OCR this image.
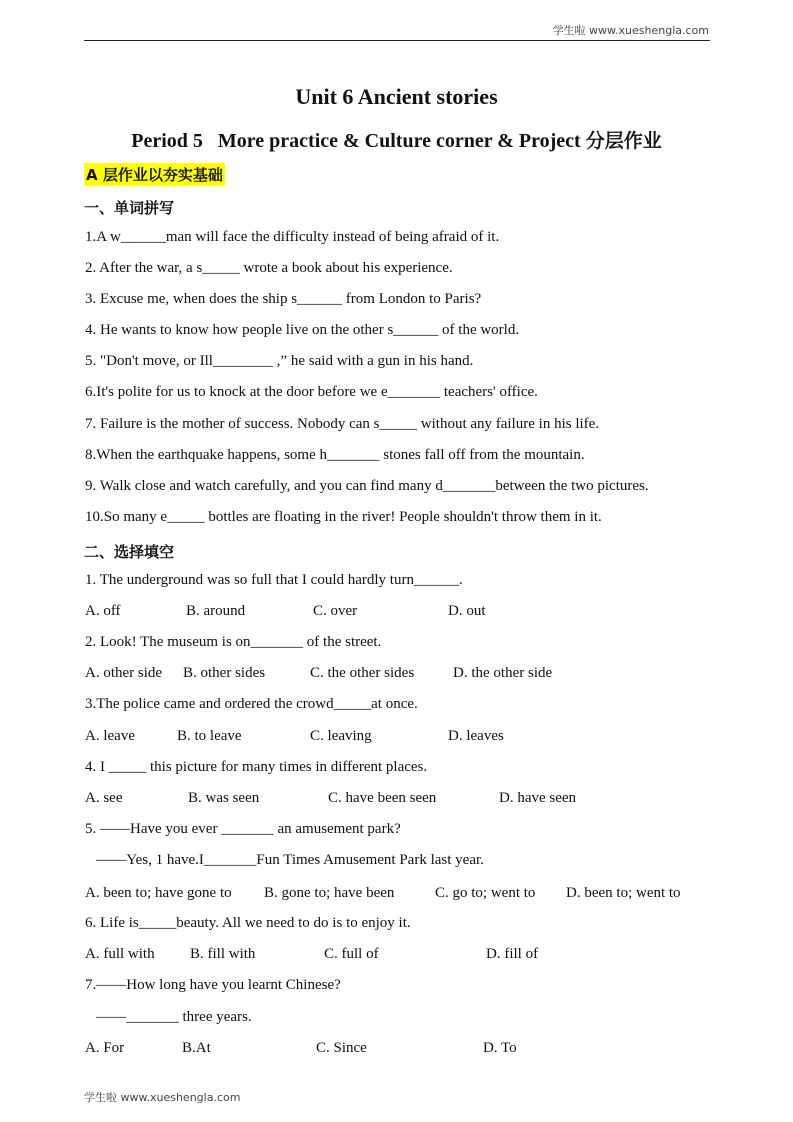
学生啦 www.xueshengla.com
Unit 6 Ancient stories
Period 5   More practice & Culture corner & Project 分层作业
A 层作业以夯实基础
一、单词拼写
1.A w______man will face the difficulty instead of being afraid of it.
2. After the war, a s_____ wrote a book about his experience.
3. Excuse me, when does the ship s______ from London to Paris?
4. He wants to know how people live on the other s______ of the world.
5. "Don't move, or Ill________ ,” he said with a gun in his hand.
6.It's polite for us to knock at the door before we e_______ teachers' office.
7. Failure is the mother of success. Nobody can s_____ without any failure in his life.
8.When the earthquake happens, some h_______ stones fall off from the mountain.
9. Walk close and watch carefully, and you can find many d_______between the two pictures.
10.So many e_____ bottles are floating in the river! People shouldn't throw them in it.
二、选择填空
1. The underground was so full that I could hardly turn______.
A. off	B. around	C. over	D. out
2. Look! The museum is on_______ of the street.
A. other side B. other sides	C. the other sides	D. the other side
3.The police came and ordered the crowd_____at once.
A. leave	B. to leave	C. leaving	D. leaves
4. I _____ this picture for many times in different places.
A. see	B. was seen	C. have been seen	D. have seen
5. ——Have you ever _______ an amusement park?
——Yes, 1 have.I_______Fun Times Amusement Park last year.
A. been to; have gone to B. gone to; have been	C. go to; went to D. been to; went to
6. Life is_____beauty. All we need to do is to enjoy it.
A. full with B. fill with	C. full of	D. fill of
7.——How long have you learnt Chinese?
——_______ three years.
A. For	B.At	C. Since	D. To
学生啦 www.xueshengla.com
